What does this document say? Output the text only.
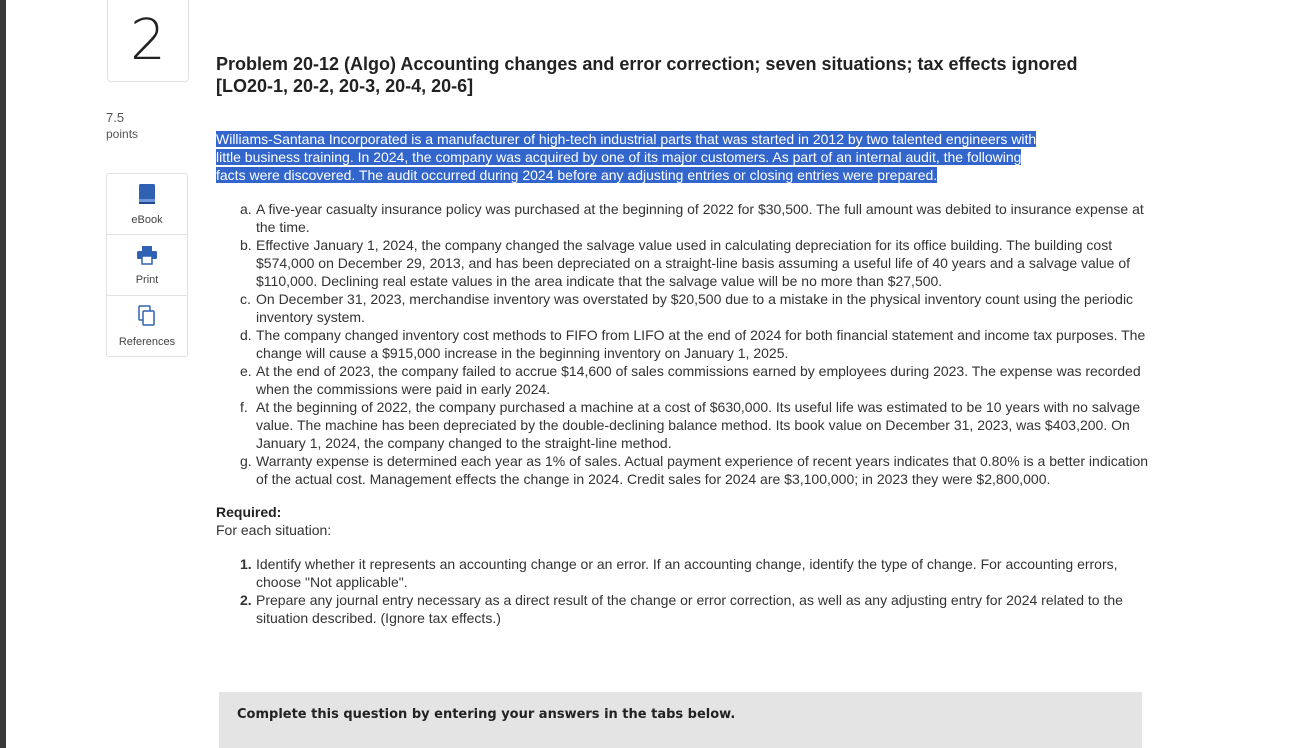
2
7.5
points
eBook
Print
References
Problem 20-12 (Algo) Accounting changes and error correction; seven situations; tax effects ignored
[LO20-1, 20-2, 20-3, 20-4, 20-6]
Williams-Santana Incorporated is a manufacturer of high-tech industrial parts that was started in 2012 by two talented engineers with
little business training. In 2024, the company was acquired by one of its major customers. As part of an internal audit, the following
facts were discovered. The audit occurred during 2024 before any adjusting entries or closing entries were prepared.
a. A five-year casualty insurance policy was purchased at the beginning of 2022 for $30,500. The full amount was debited to insurance expense at the time.
b. Effective January 1, 2024, the company changed the salvage value used in calculating depreciation for its office building. The building cost $574,000 on December 29, 2013, and has been depreciated on a straight-line basis assuming a useful life of 40 years and a salvage value of $110,000. Declining real estate values in the area indicate that the salvage value will be no more than $27,500.
c. On December 31, 2023, merchandise inventory was overstated by $20,500 due to a mistake in the physical inventory count using the periodic inventory system.
d. The company changed inventory cost methods to FIFO from LIFO at the end of 2024 for both financial statement and income tax purposes. The change will cause a $915,000 increase in the beginning inventory on January 1, 2025.
e. At the end of 2023, the company failed to accrue $14,600 of sales commissions earned by employees during 2023. The expense was recorded when the commissions were paid in early 2024.
f. At the beginning of 2022, the company purchased a machine at a cost of $630,000. Its useful life was estimated to be 10 years with no salvage value. The machine has been depreciated by the double-declining balance method. Its book value on December 31, 2023, was $403,200. On January 1, 2024, the company changed to the straight-line method.
g. Warranty expense is determined each year as 1% of sales. Actual payment experience of recent years indicates that 0.80% is a better indication of the actual cost. Management effects the change in 2024. Credit sales for 2024 are $3,100,000; in 2023 they were $2,800,000.
Required:
For each situation:
1. Identify whether it represents an accounting change or an error. If an accounting change, identify the type of change. For accounting errors, choose "Not applicable".
2. Prepare any journal entry necessary as a direct result of the change or error correction, as well as any adjusting entry for 2024 related to the situation described. (Ignore tax effects.)
Complete this question by entering your answers in the tabs below.
